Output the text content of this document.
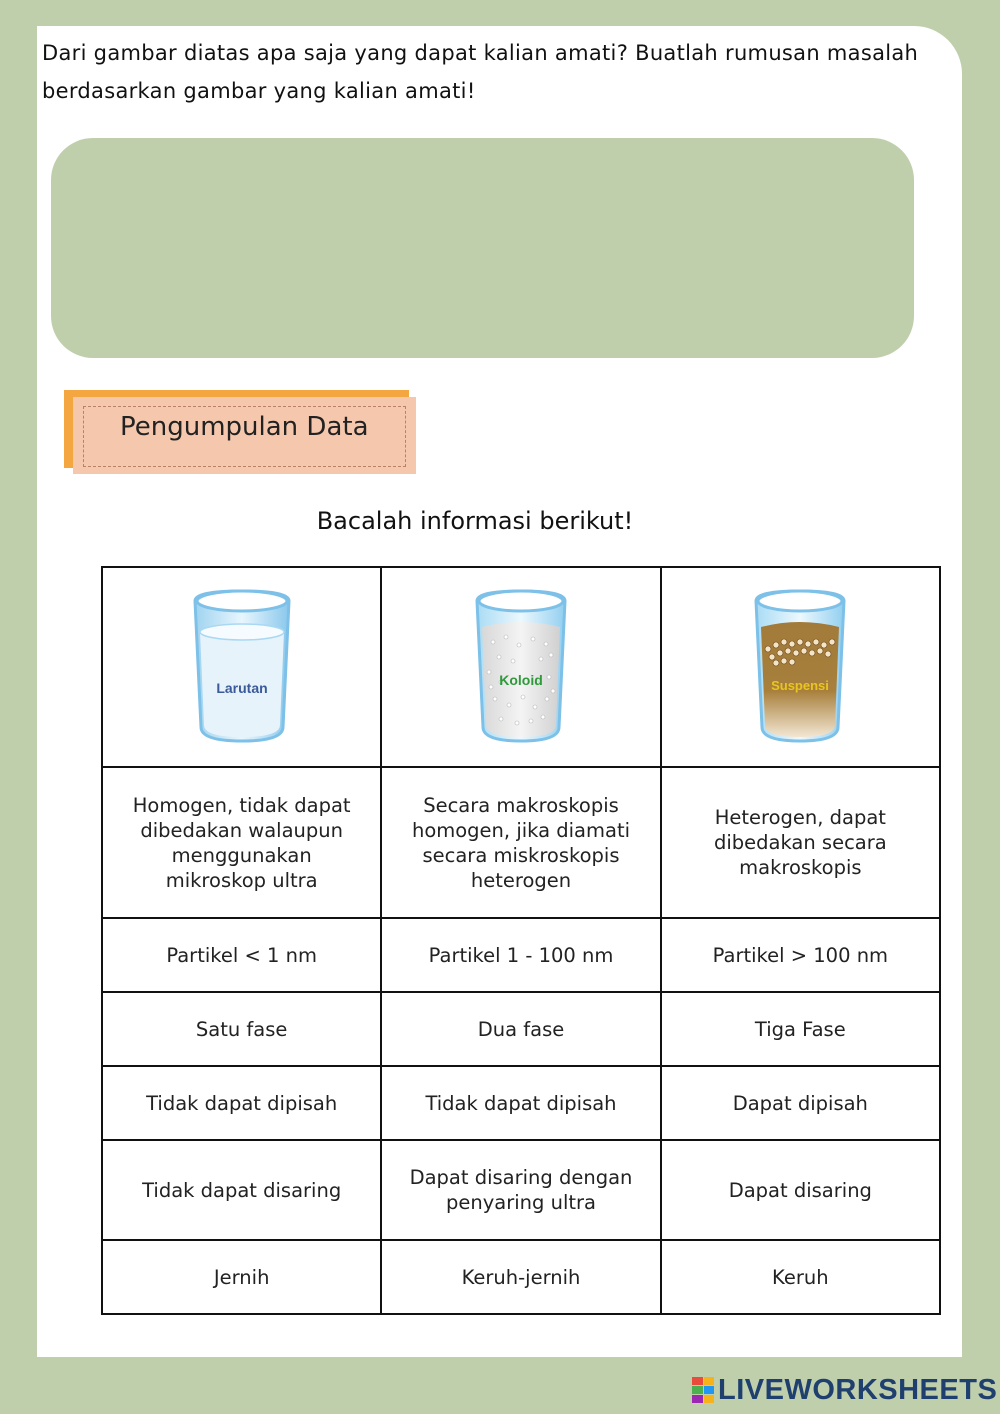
Dari gambar diatas apa saja yang dapat kalian amati? Buatlah rumusan masalah berdasarkan gambar yang kalian amati!
Pengumpulan Data
Bacalah informasi berikut!
Larutan	Koloid	Suspensi

Homogen, tidak dapat dibedakan walaupun menggunakan mikroskop ultra	Secara makroskopis homogen, jika diamati secara miskroskopis heterogen	Heterogen, dapat dibedakan secara makroskopis
Partikel < 1 nm	Partikel 1 - 100 nm	Partikel > 100 nm
Satu fase	Dua fase	Tiga Fase
Tidak dapat dipisah	Tidak dapat dipisah	Dapat dipisah
Tidak dapat disaring	Dapat disaring dengan penyaring ultra	Dapat disaring
Jernih	Keruh-jernih	Keruh
LIVEWORKSHEETS
